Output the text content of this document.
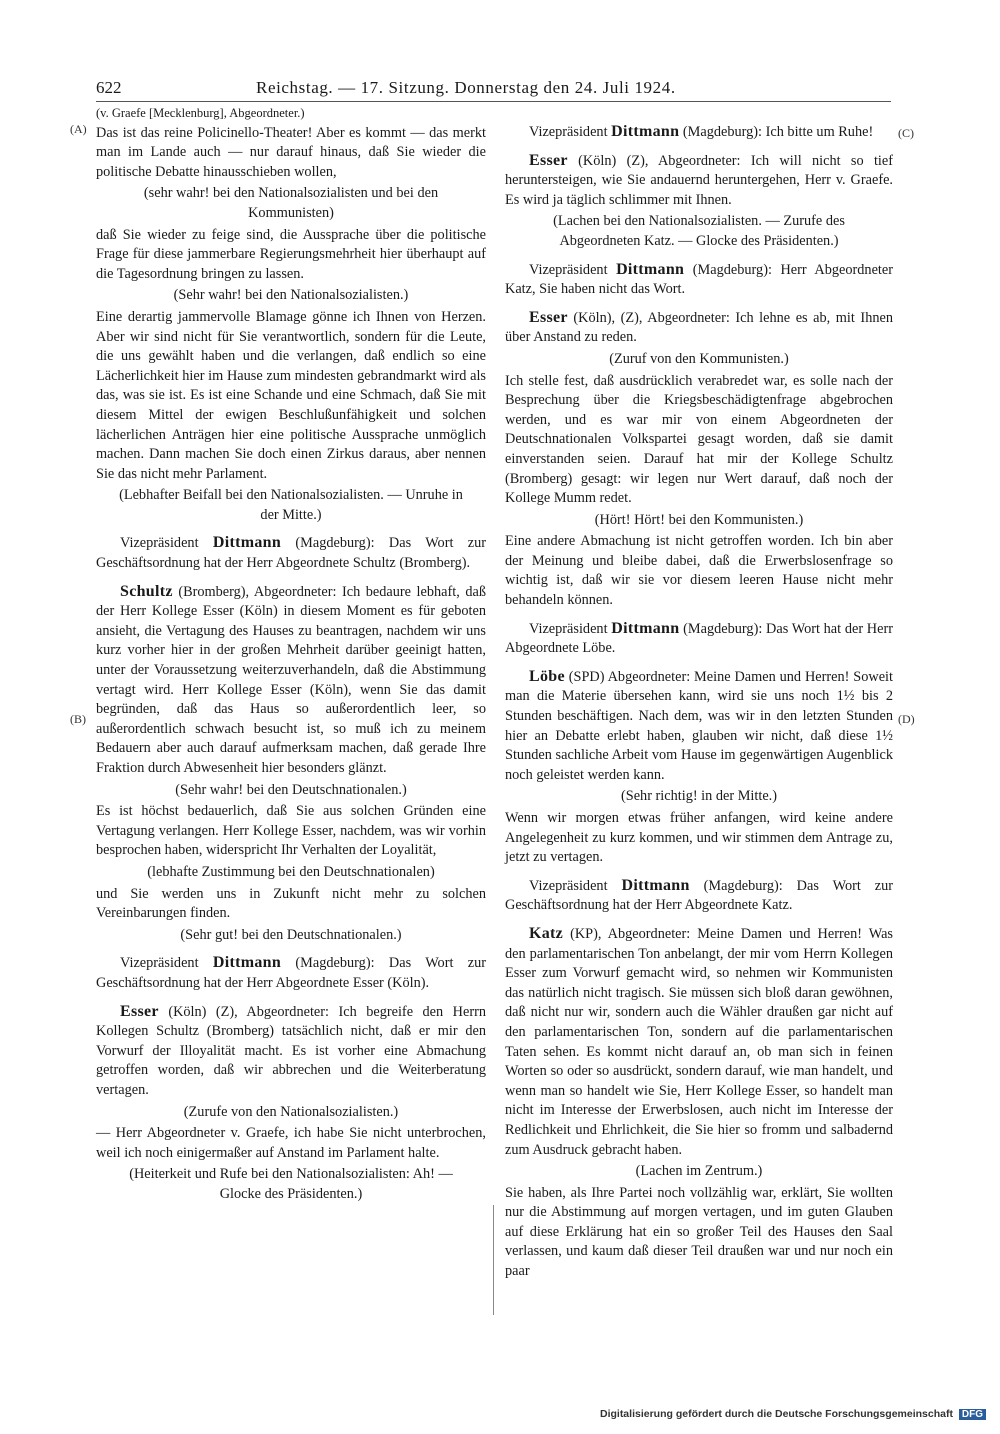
622	Reichstag. — 17. Sitzung. Donnerstag den 24. Juli 1924.
(A)	(C)
(B)	(D)

(v. Graefe [Mecklenburg], Abgeordneter.)

Das ist das reine Policinello-Theater! Aber es kommt — das merkt man im Lande auch — nur darauf hinaus, daß Sie wieder die politische Debatte hinausschieben wollen,

(sehr wahr! bei den Nationalsozialisten und bei den Kommunisten)

daß Sie wieder zu feige sind, die Aussprache über die politische Frage für diese jammerbare Regierungsmehrheit hier überhaupt auf die Tagesordnung bringen zu lassen.

(Sehr wahr! bei den Nationalsozialisten.)

Eine derartig jammervolle Blamage gönne ich Ihnen von Herzen. Aber wir sind nicht für Sie verantwortlich, sondern für die Leute, die uns gewählt haben und die verlangen, daß endlich so eine Lächerlichkeit hier im Hause zum mindesten gebrandmarkt wird als das, was sie ist. Es ist eine Schande und eine Schmach, daß Sie mit diesem Mittel der ewigen Beschlußunfähigkeit und solchen lächerlichen Anträgen hier eine politische Aussprache unmöglich machen. Dann machen Sie doch einen Zirkus daraus, aber nennen Sie das nicht mehr Parlament.

(Lebhafter Beifall bei den Nationalsozialisten. — Unruhe in der Mitte.)

Vizepräsident Dittmann (Magdeburg): Das Wort zur Geschäftsordnung hat der Herr Abgeordnete Schultz (Bromberg).

Schultz (Bromberg), Abgeordneter: Ich bedaure lebhaft, daß der Herr Kollege Esser (Köln) in diesem Moment es für geboten ansieht, die Vertagung des Hauses zu beantragen, nachdem wir uns kurz vorher hier in der großen Mehrheit darüber geeinigt hatten, unter der Voraussetzung weiterzuverhandeln, daß die Abstimmung vertagt wird. Herr Kollege Esser (Köln), wenn Sie das damit begründen, daß das Haus so außerordentlich leer, so außerordentlich schwach besucht ist, so muß ich zu meinem Bedauern aber auch darauf aufmerksam machen, daß gerade Ihre Fraktion durch Abwesenheit hier besonders glänzt.

(Sehr wahr! bei den Deutschnationalen.)

Es ist höchst bedauerlich, daß Sie aus solchen Gründen eine Vertagung verlangen. Herr Kollege Esser, nachdem, was wir vorhin besprochen haben, widerspricht Ihr Verhalten der Loyalität,

(lebhafte Zustimmung bei den Deutschnationalen)

und Sie werden uns in Zukunft nicht mehr zu solchen Vereinbarungen finden.

(Sehr gut! bei den Deutschnationalen.)

Vizepräsident Dittmann (Magdeburg): Das Wort zur Geschäftsordnung hat der Herr Abgeordnete Esser (Köln).

Esser (Köln) (Z), Abgeordneter: Ich begreife den Herrn Kollegen Schultz (Bromberg) tatsächlich nicht, daß er mir den Vorwurf der Illoyalität macht. Es ist vorher eine Abmachung getroffen worden, daß wir abbrechen und die Weiterberatung vertagen.

(Zurufe von den Nationalsozialisten.)

— Herr Abgeordneter v. Graefe, ich habe Sie nicht unterbrochen, weil ich noch einigermaßer auf Anstand im Parlament halte.

(Heiterkeit und Rufe bei den Nationalsozialisten: Ah! — Glocke des Präsidenten.)

Vizepräsident Dittmann (Magdeburg): Ich bitte um Ruhe!

Esser (Köln) (Z), Abgeordneter: Ich will nicht so tief heruntersteigen, wie Sie andauernd heruntergehen, Herr v. Graefe. Es wird ja täglich schlimmer mit Ihnen.

(Lachen bei den Nationalsozialisten. — Zurufe des Abgeordneten Katz. — Glocke des Präsidenten.)

Vizepräsident Dittmann (Magdeburg): Herr Abgeordneter Katz, Sie haben nicht das Wort.

Esser (Köln), (Z), Abgeordneter: Ich lehne es ab, mit Ihnen über Anstand zu reden.

(Zuruf von den Kommunisten.)

Ich stelle fest, daß ausdrücklich verabredet war, es solle nach der Besprechung über die Kriegsbeschädigtenfrage abgebrochen werden, und es war mir von einem Abgeordneten der Deutschnationalen Volkspartei gesagt worden, daß sie damit einverstanden seien. Darauf hat mir der Kollege Schultz (Bromberg) gesagt: wir legen nur Wert darauf, daß noch der Kollege Mumm redet.

(Hört! Hört! bei den Kommunisten.)

Eine andere Abmachung ist nicht getroffen worden. Ich bin aber der Meinung und bleibe dabei, daß die Erwerbslosenfrage so wichtig ist, daß wir sie vor diesem leeren Hause nicht mehr behandeln können.

Vizepräsident Dittmann (Magdeburg): Das Wort hat der Herr Abgeordnete Löbe.

Löbe (SPD) Abgeordneter: Meine Damen und Herren! Soweit man die Materie übersehen kann, wird sie uns noch 1½ bis 2 Stunden beschäftigen. Nach dem, was wir in den letzten Stunden hier an Debatte erlebt haben, glauben wir nicht, daß diese 1½ Stunden sachliche Arbeit vom Hause im gegenwärtigen Augenblick noch geleistet werden kann.

(Sehr richtig! in der Mitte.)

Wenn wir morgen etwas früher anfangen, wird keine andere Angelegenheit zu kurz kommen, und wir stimmen dem Antrage zu, jetzt zu vertagen.

Vizepräsident Dittmann (Magdeburg): Das Wort zur Geschäftsordnung hat der Herr Abgeordnete Katz.

Katz (KP), Abgeordneter: Meine Damen und Herren! Was den parlamentarischen Ton anbelangt, der mir vom Herrn Kollegen Esser zum Vorwurf gemacht wird, so nehmen wir Kommunisten das natürlich nicht tragisch. Sie müssen sich bloß daran gewöhnen, daß nicht nur wir, sondern auch die Wähler draußen gar nicht auf den parlamentarischen Ton, sondern auf die parlamentarischen Taten sehen. Es kommt nicht darauf an, ob man sich in feinen Worten so oder so ausdrückt, sondern darauf, wie man handelt, und wenn man so handelt wie Sie, Herr Kollege Esser, so handelt man nicht im Interesse der Erwerbslosen, auch nicht im Interesse der Redlichkeit und Ehrlichkeit, die Sie hier so fromm und salbadernd zum Ausdruck gebracht haben.

(Lachen im Zentrum.)

Sie haben, als Ihre Partei noch vollzählig war, erklärt, Sie wollten nur die Abstimmung auf morgen vertagen, und im guten Glauben auf diese Erklärung hat ein so großer Teil des Hauses den Saal verlassen, und kaum daß dieser Teil draußen war und nur noch ein paar

Digitalisierung gefördert durch die Deutsche Forschungsgemeinschaft DFG
